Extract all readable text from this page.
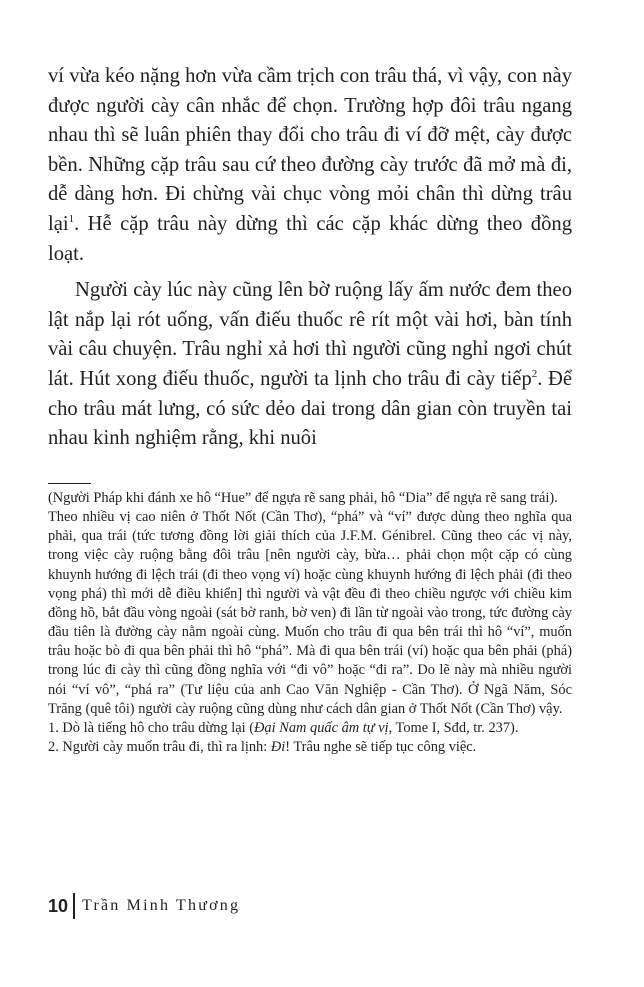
ví vừa kéo nặng hơn vừa cầm trịch con trâu thá, vì vậy, con này được người cày cân nhắc để chọn. Trường hợp đôi trâu ngang nhau thì sẽ luân phiên thay đổi cho trâu đi ví đỡ mệt, cày được bền. Những cặp trâu sau cứ theo đường cày trước đã mở mà đi, dễ dàng hơn. Đi chừng vài chục vòng mỏi chân thì dừng trâu lại$^1$. Hễ cặp trâu này dừng thì các cặp khác dừng theo đồng loạt.

Người cày lúc này cũng lên bờ ruộng lấy ấm nước đem theo lật nắp lại rót uống, vấn điếu thuốc rê rít một vài hơi, bàn tính vài câu chuyện. Trâu nghỉ xả hơi thì người cũng nghỉ ngơi chút lát. Hút xong điếu thuốc, người ta lịnh cho trâu đi cày tiếp$^2$. Để cho trâu mát lưng, có sức dẻo dai trong dân gian còn truyền tai nhau kinh nghiệm rằng, khi nuôi

(Người Pháp khi đánh xe hô “Hue” để ngựa rẽ sang phải, hô “Dia” để ngựa rẽ sang trái).

Theo nhiều vị cao niên ở Thốt Nốt (Cần Thơ), “phá” và “ví” được dùng theo nghĩa qua phải, qua trái (tức tương đồng lời giải thích của J.F.M. Génibrel. Cũng theo các vị này, trong việc cày ruộng bằng đôi trâu [nên người cày, bừa… phải chọn một cặp có cùng khuynh hướng đi lệch trái (đi theo vọng ví) hoặc cùng khuynh hướng đi lệch phải (đi theo vọng phá) thì mới dễ điều khiển] thì người và vật đều đi theo chiều ngược với chiều kim đồng hồ, bắt đầu vòng ngoài (sát bờ ranh, bờ ven) đi lần từ ngoài vào trong, tức đường cày đầu tiên là đường cày nằm ngoài cùng. Muốn cho trâu đi qua bên trái thì hô “ví”, muốn trâu hoặc bò đi qua bên phải thì hô “phá”. Mà đi qua bên trái (ví) hoặc qua bên phải (phá) trong lúc đi cày thì cũng đồng nghĩa với “đi vô” hoặc “đi ra”. Do lẽ này mà nhiều người nói “ví vô”, “phá ra” (Tư liệu của anh Cao Văn Nghiệp - Cần Thơ). Ở Ngã Năm, Sóc Trăng (quê tôi) người cày ruộng cũng dùng như cách dân gian ở Thốt Nốt (Cần Thơ) vậy.

1. Dò là tiếng hô cho trâu dừng lại (Đại Nam quấc âm tự vị, Tome I, Sđd, tr. 237).

2. Người cày muốn trâu đi, thì ra lịnh: Đi! Trâu nghe sẽ tiếp tục công việc.

10 Trần Minh Thương
